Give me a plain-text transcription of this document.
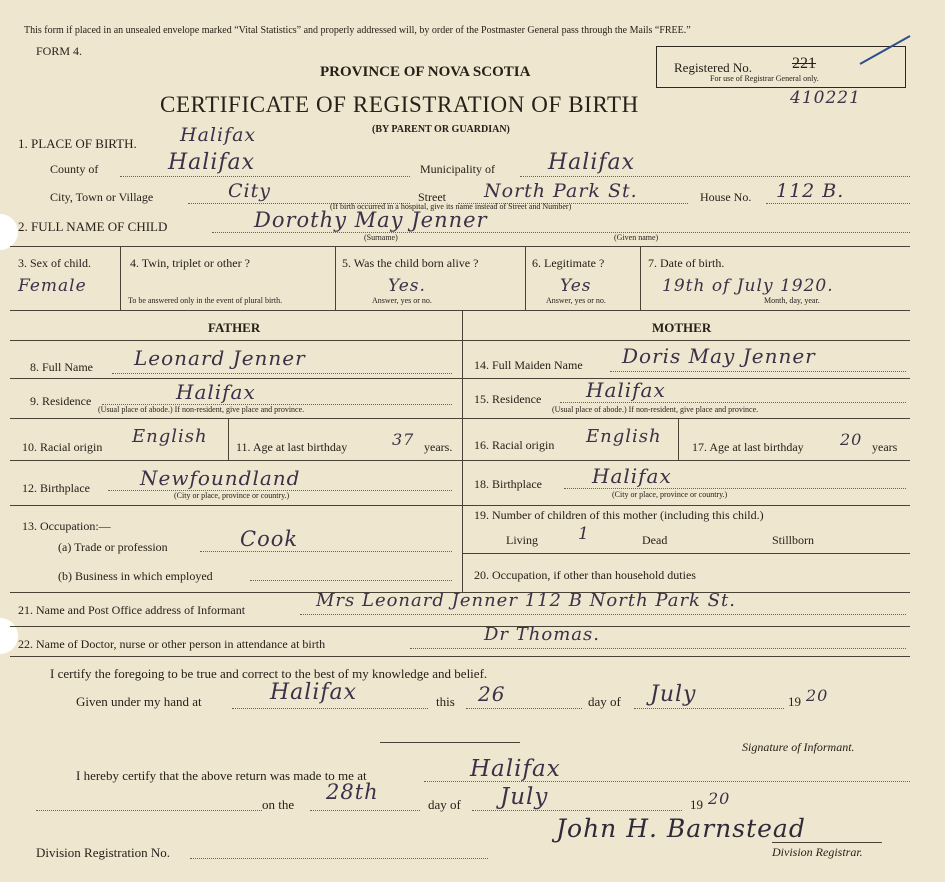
This form if placed in an unsealed envelope marked “Vital Statistics” and properly addressed will, by order of the Postmaster General pass through the Mails “FREE.”
FORM 4.
PROVINCE OF NOVA SCOTIA
CERTIFICATE OF REGISTRATION OF BIRTH
(BY PARENT OR GUARDIAN)
Registered No.	221
For use of Registrar General only.
410221
1. PLACE OF BIRTH. Halifax
County of	Halifax	Municipality of Halifax
City, Town or Village	City	Street North Park St.
(If birth occurred in a hospital, give its name instead of Street and Number)
House No. 112 B.
2. FULL NAME OF CHILD	Dorothy May Jenner
(Surname)	(Given name)
3. Sex of child.
Female
4. Twin, triplet or other ?
To be answered only in the event of plural birth.
5. Was the child born alive ?
Yes.
Answer, yes or no.
6. Legitimate ?
Yes
Answer, yes or no.
7. Date of birth.
19th of July 1920.
Month, day, year.
FATHER	MOTHER
8. Full Name Leonard Jenner
9. Residence	Halifax
(Usual place of abode.) If non-resident, give place and province.
10. Racial origin English 11. Age at last birthday	37 years.
12. Birthplace	Newfoundland
(City or place, province or country.)
13. Occupation:—
(a) Trade or profession	Cook
(b) Business in which employed
14. Full Maiden Name Doris May Jenner
15. Residence Halifax
(Usual place of abode.) If non-resident, give place and province.
16. Racial origin English	17. Age at last birthday 20 years
18. Birthplace	Halifax
(City or place, province or country.)
19. Number of children of this mother (including this child.)
Living 1	Dead	Stillborn
20. Occupation, if other than household duties
21. Name and Post Office address of Informant	Mrs Leonard Jenner 112 B North Park St.
22. Name of Doctor, nurse or other person in attendance at birth	Dr Thomas.
I certify the foregoing to be true and correct to the best of my knowledge and belief.
Given under my hand at	Halifax	this 26	day of July	19 20
Signature of Informant.
I hereby certify that the above return was made to me at	Halifax
on the
28th
day of July	19 20
John H. Barnstead
Division Registration No.	Division Registrar.
